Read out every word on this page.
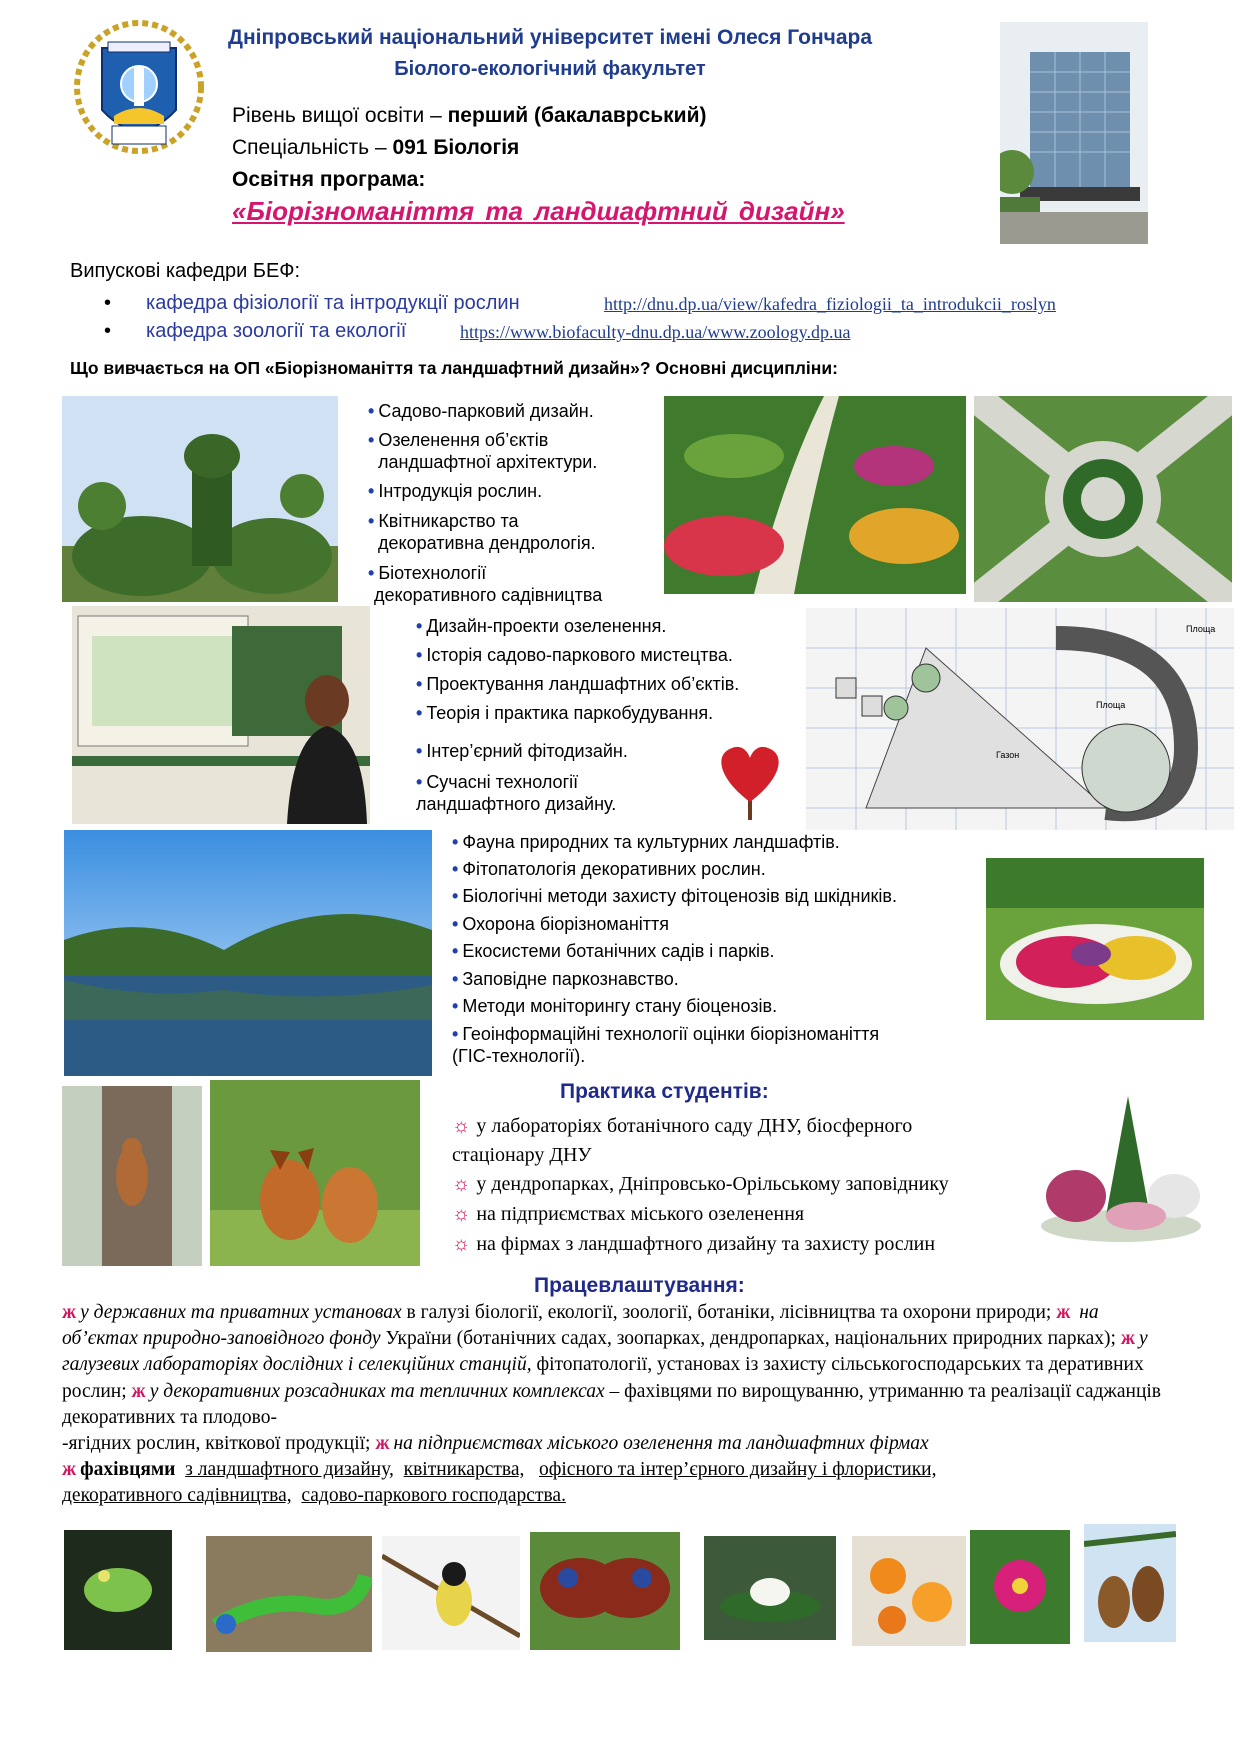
Дніпровський національний університет імені Олеся Гончара
Біолого-екологічний факультет
Рівень вищої освіти – перший (бакалаврський)
Спеціальність – 091 Біологія
Освітня програма:
«Біорізноманіття та ландшафтний дизайн»
Випускові кафедри БЕФ:
• кафедра фізіології та інтродукції рослин	http://dnu.dp.ua/view/kafedra_fiziologii_ta_introdukcii_roslyn
• кафедра зоології та екології	https://www.biofaculty-dnu.dp.ua/www.zoology.dp.ua
Що вивчається на ОП «Біорізноманіття та ландшафтний дизайн»? Основні дисципліни:
• Садово-парковий дизайн.
• Озеленення об’єктів
ландшафтної архітектури.
• Інтродукція рослин.
• Квітникарство та
декоративна дендрологія.
• Біотехнології
декоративного садівництва
Площа
Газон
Площа
• Дизайн-проекти озеленення.
• Історія садово-паркового мистецтва.
• Проектування ландшафтних об’єктів.
• Теорія і практика паркобудування.
• Інтер’єрний фітодизайн.
• Сучасні технології
ландшафтного дизайну.
• Фауна природних та культурних ландшафтів.
• Фітопатологія декоративних рослин.
• Біологічні методи захисту фітоценозів від шкідників.
• Охорона біорізноманіття
• Екосистеми ботанічних садів і парків.
• Заповідне паркознавство.
• Методи моніторингу стану біоценозів.
• Геоінформаційні технології оцінки біорізноманіття
(ГІС-технології).
Практика студентів:
☼ у лабораторіях ботанічного саду ДНУ, біосферного
стаціонару ДНУ
☼ у дендропарках, Дніпровсько-Орільському заповіднику
☼ на підприємствах міського озеленення
☼ на фірмах з ландшафтного дизайну та захисту рослин
Працевлаштування:
ж у державних та приватних установах в галузі біології, екології, зоології, ботаніки, лісівництва та охорони природи; ж на об’єктах природно-заповідного фонду України (ботанічних садах, зоопарках, дендропарках, національних природних парках); ж у галузевих лабораторіях дослідних і селекційних станцій, фітопатології, установах із захисту сільськогосподарських та деративних рослин; ж у декоративних розсадниках та тепличних комплексах – фахівцями по вирощуванню, утриманню та реалізації саджанців декоративних та плодово-
-ягідних рослин, квіткової продукції; ж на підприємствах міського озеленення та ландшафтних фірмах
ж фахівцями з ландшафтного дизайну, квітникарства, офісного та інтер’єрного дизайну і флористики,
декоративного садівництва, садово-паркового господарства.
